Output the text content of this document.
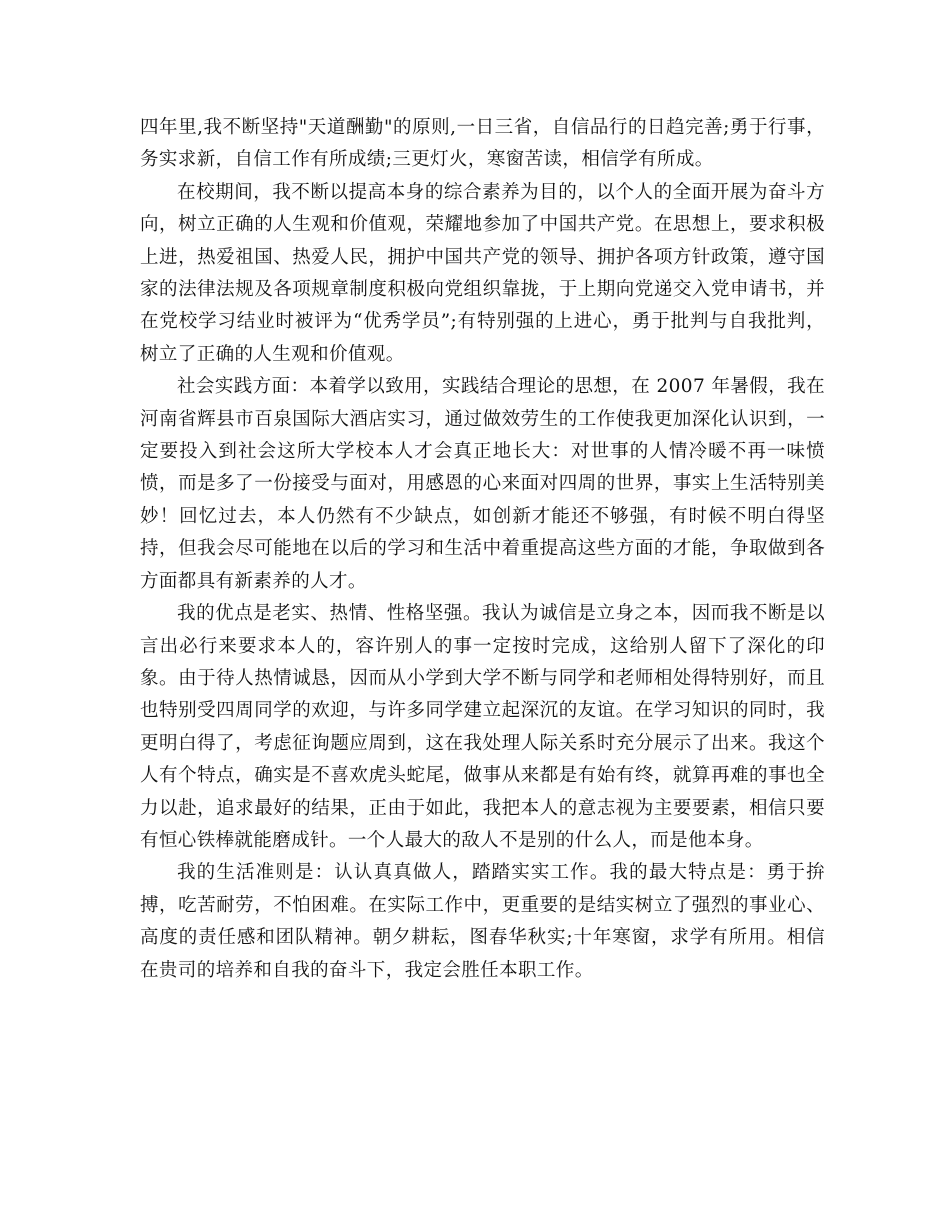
四年里,我不断坚持"天道酬勤"的原则,一日三省，自信品行的日趋完善;勇于行事，务实求新，自信工作有所成绩;三更灯火，寒窗苦读，相信学有所成。

在校期间，我不断以提高本身的综合素养为目的，以个人的全面开展为奋斗方向，树立正确的人生观和价值观，荣耀地参加了中国共产党。在思想上，要求积极上进，热爱祖国、热爱人民，拥护中国共产党的领导、拥护各项方针政策，遵守国家的法律法规及各项规章制度积极向党组织靠拢，于上期向党递交入党申请书，并在党校学习结业时被评为“优秀学员”;有特别强的上进心，勇于批判与自我批判，树立了正确的人生观和价值观。

社会实践方面：本着学以致用，实践结合理论的思想，在 2007 年暑假，我在河南省辉县市百泉国际大酒店实习，通过做效劳生的工作使我更加深化认识到，一定要投入到社会这所大学校本人才会真正地长大：对世事的人情冷暖不再一味愤愤，而是多了一份接受与面对，用感恩的心来面对四周的世界，事实上生活特别美妙！回忆过去，本人仍然有不少缺点，如创新才能还不够强，有时候不明白得坚持，但我会尽可能地在以后的学习和生活中着重提高这些方面的才能，争取做到各方面都具有新素养的人才。

我的优点是老实、热情、性格坚强。我认为诚信是立身之本，因而我不断是以言出必行来要求本人的，容许别人的事一定按时完成，这给别人留下了深化的印象。由于待人热情诚恳，因而从小学到大学不断与同学和老师相处得特别好，而且也特别受四周同学的欢迎，与许多同学建立起深沉的友谊。在学习知识的同时，我更明白得了，考虑征询题应周到，这在我处理人际关系时充分展示了出来。我这个人有个特点，确实是不喜欢虎头蛇尾，做事从来都是有始有终，就算再难的事也全力以赴，追求最好的结果，正由于如此，我把本人的意志视为主要要素，相信只要有恒心铁棒就能磨成针。一个人最大的敌人不是别的什么人，而是他本身。

我的生活准则是：认认真真做人，踏踏实实工作。我的最大特点是：勇于拚搏，吃苦耐劳，不怕困难。在实际工作中，更重要的是结实树立了强烈的事业心、高度的责任感和团队精神。朝夕耕耘，图春华秋实;十年寒窗，求学有所用。相信在贵司的培养和自我的奋斗下，我定会胜任本职工作。
